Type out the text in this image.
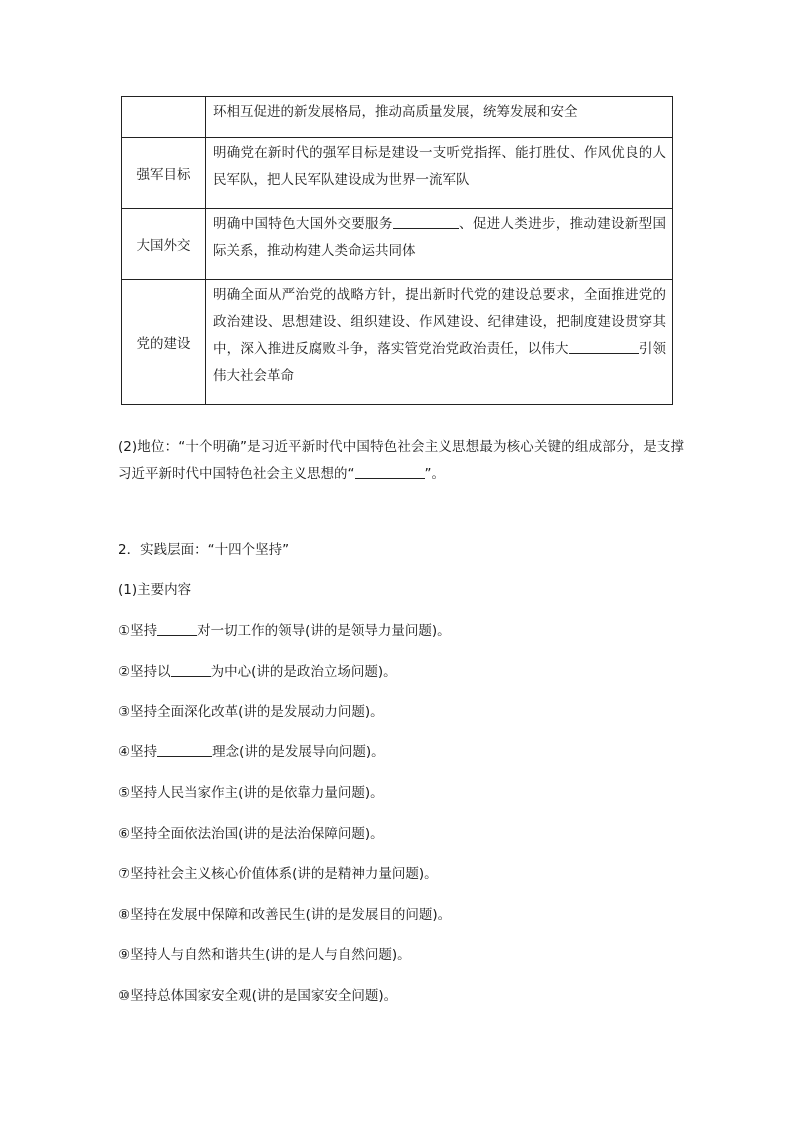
	环相互促进的新发展格局，推动高质量发展，统筹发展和安全
强军目标	明确党在新时代的强军目标是建设一支听党指挥、能打胜仗、作风优良的人民军队，把人民军队建设成为世界一流军队
大国外交	明确中国特色大国外交要服务 、促进人类进步，推动建设新型国际关系，推动构建人类命运共同体
党的建设	明确全面从严治党的战略方针，提出新时代党的建设总要求，全面推进党的政治建设、思想建设、组织建设、作风建设、纪律建设，把制度建设贯穿其中，深入推进反腐败斗争，落实管党治党政治责任，以伟大 引领伟大社会革命
(2)地位：“十个明确”是习近平新时代中国特色社会主义思想最为核心关键的组成部分，是支撑习近平新时代中国特色社会主义思想的“	”。
2．实践层面：“十四个坚持”
(1)主要内容
①坚持	对一切工作的领导(讲的是领导力量问题)。
②坚持以	为中心(讲的是政治立场问题)。
③坚持全面深化改革(讲的是发展动力问题)。
④坚持	理念(讲的是发展导向问题)。
⑤坚持人民当家作主(讲的是依靠力量问题)。
⑥坚持全面依法治国(讲的是法治保障问题)。
⑦坚持社会主义核心价值体系(讲的是精神力量问题)。
⑧坚持在发展中保障和改善民生(讲的是发展目的问题)。
⑨坚持人与自然和谐共生(讲的是人与自然问题)。
⑩坚持总体国家安全观(讲的是国家安全问题)。
